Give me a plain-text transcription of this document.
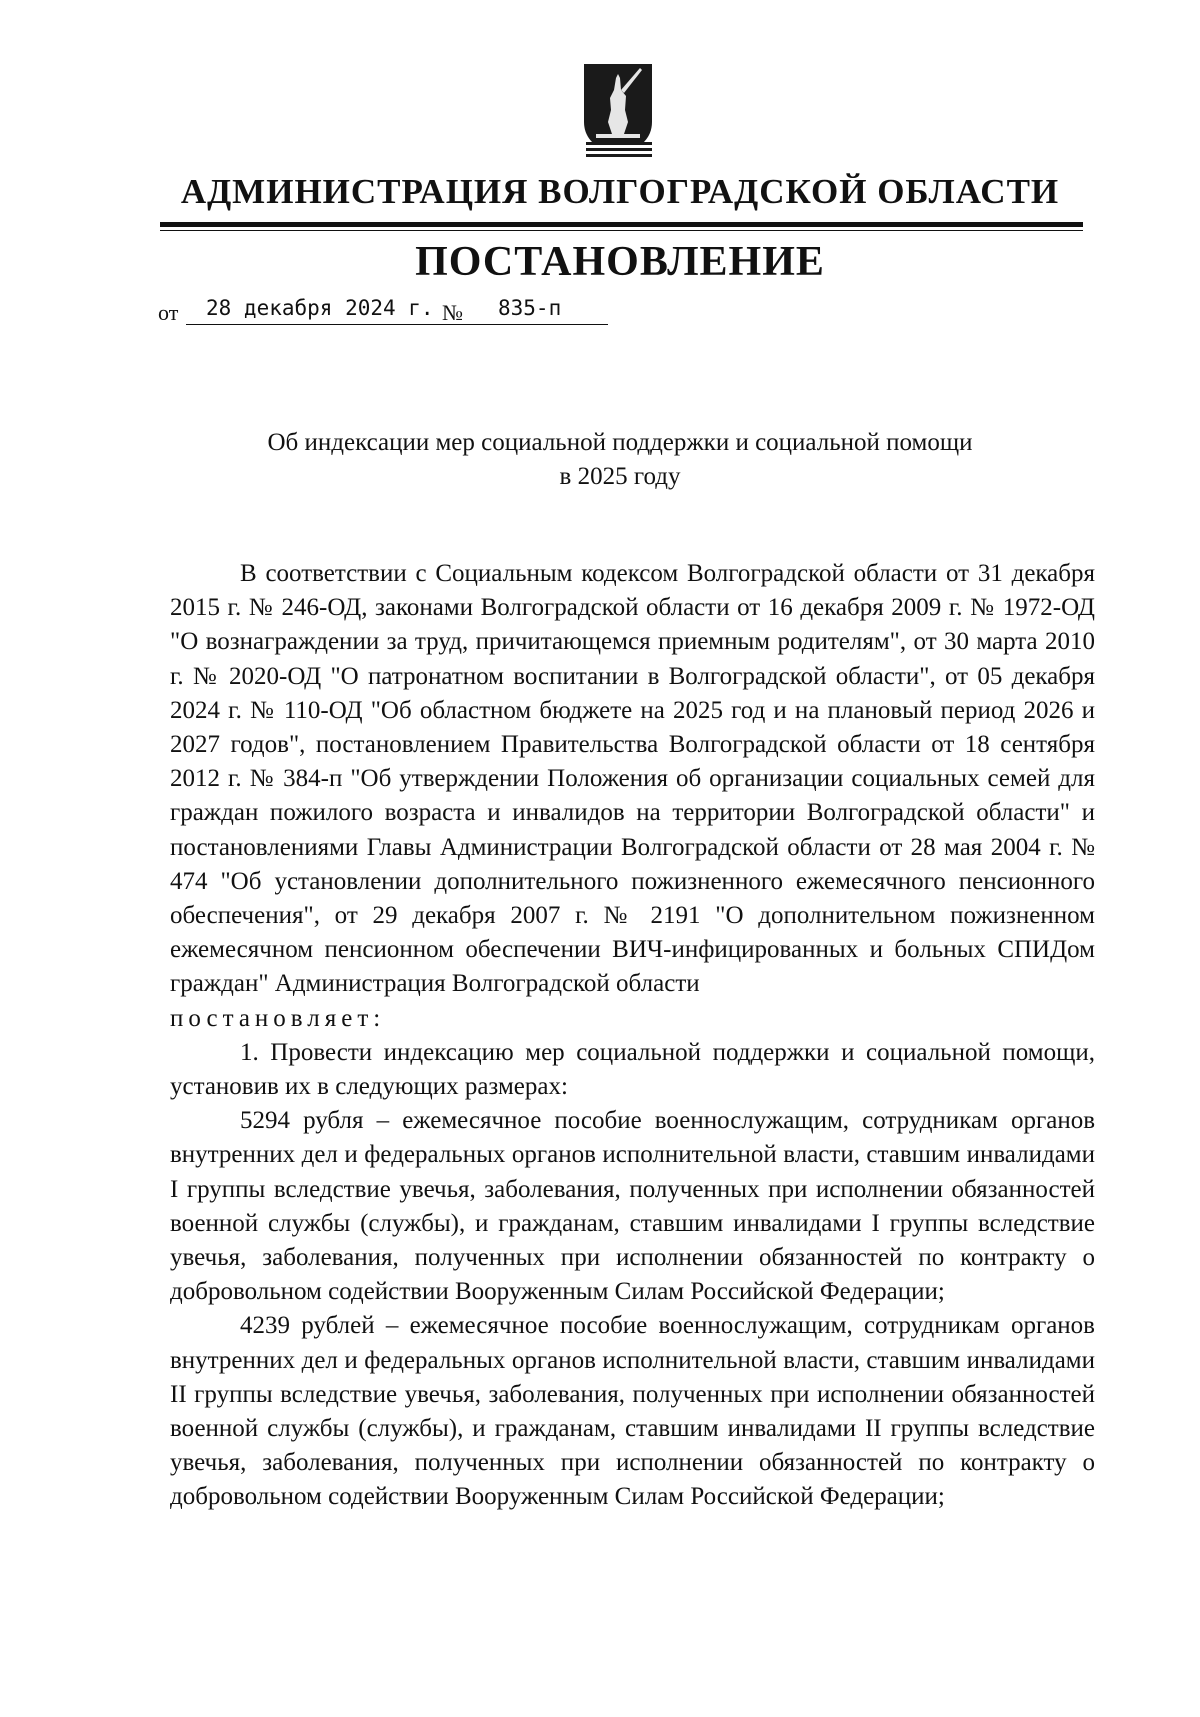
АДМИНИСТРАЦИЯ ВОЛГОГРАДСКОЙ ОБЛАСТИ
ПОСТАНОВЛЕНИЕ
от 28 декабря 2024 г. № 835-п
Об индексации мер социальной поддержки и социальной помощи
в 2025 году

В соответствии с Социальным кодексом Волгоградской области от 31 декабря 2015 г. № 246-ОД, законами Волгоградской области от 16 декабря 2009 г. № 1972-ОД "О вознаграждении за труд, причитающемся приемным родителям", от 30 марта 2010 г. № 2020-ОД "О патронатном воспитании в Волгоградской области", от 05 декабря 2024 г. № 110-ОД "Об областном бюджете на 2025 год и на плановый период 2026 и 2027 годов", постановлением Правительства Волгоградской области от 18 сентября 2012 г. № 384-п "Об утверждении Положения об организации социальных семей для граждан пожилого возраста и инвалидов на территории Волгоградской области" и постановлениями Главы Администрации Волгоградской области от 28 мая 2004 г. № 474 "Об установлении дополнительного пожизненного ежемесячного пенсионного обеспечения", от 29 декабря 2007 г. № 2191 "О дополнительном пожизненном ежемесячном пенсионном обеспечении ВИЧ-инфицированных и больных СПИДом граждан" Администрация Волгоградской области

постановляет:

1. Провести индексацию мер социальной поддержки и социальной помощи, установив их в следующих размерах:

5294 рубля – ежемесячное пособие военнослужащим, сотрудникам органов внутренних дел и федеральных органов исполнительной власти, ставшим инвалидами I группы вследствие увечья, заболевания, полученных при исполнении обязанностей военной службы (службы), и гражданам, ставшим инвалидами I группы вследствие увечья, заболевания, полученных при исполнении обязанностей по контракту о добровольном содействии Вооруженным Силам Российской Федерации;

4239 рублей – ежемесячное пособие военнослужащим, сотрудникам органов внутренних дел и федеральных органов исполнительной власти, ставшим инвалидами II группы вследствие увечья, заболевания, полученных при исполнении обязанностей военной службы (службы), и гражданам, ставшим инвалидами II группы вследствие увечья, заболевания, полученных при исполнении обязанностей по контракту о добровольном содействии Вооруженным Силам Российской Федерации;
